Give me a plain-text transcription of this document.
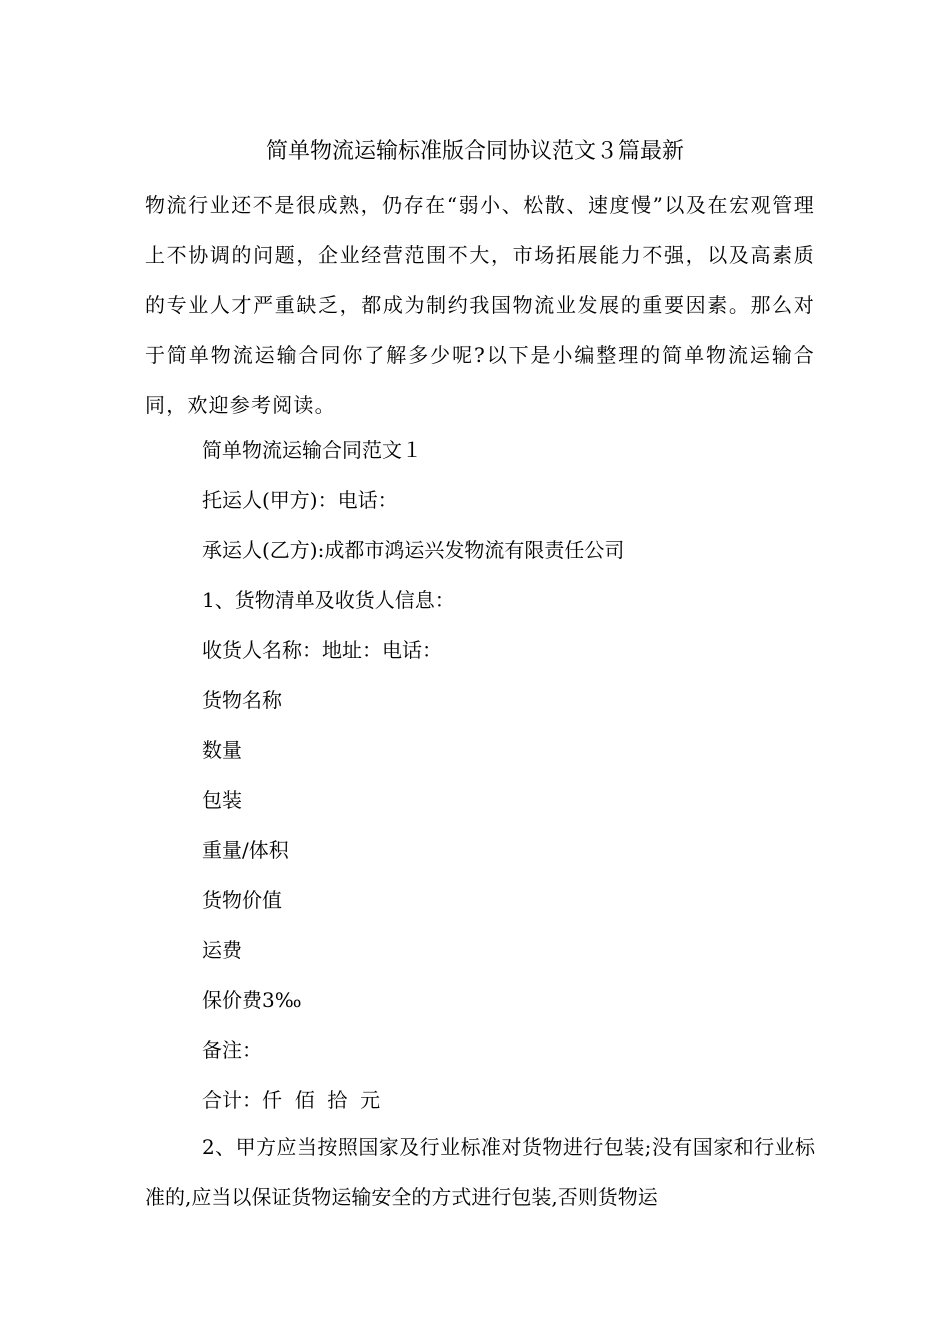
简单物流运输标准版合同协议范文３篇最新

物流行业还不是很成熟，仍存在“弱小、松散、速度慢”以及在宏观管理上不协调的问题，企业经营范围不大，市场拓展能力不强，以及高素质的专业人才严重缺乏，都成为制约我国物流业发展的重要因素。那么对于简单物流运输合同你了解多少呢?以下是小编整理的简单物流运输合同，欢迎参考阅读。

简单物流运输合同范文１
托运人(甲方)：电话：
承运人(乙方):成都市鸿运兴发物流有限责任公司
1、货物清单及收货人信息：
收货人名称：地址：电话：
货物名称
数量
包装
重量/体积
货物价值
运费
保价费3‰
备注：
合计：仟  佰  拾  元

2、甲方应当按照国家及行业标准对货物进行包装;没有国家和行业标准的,应当以保证货物运输安全的方式进行包装,否则货物运
